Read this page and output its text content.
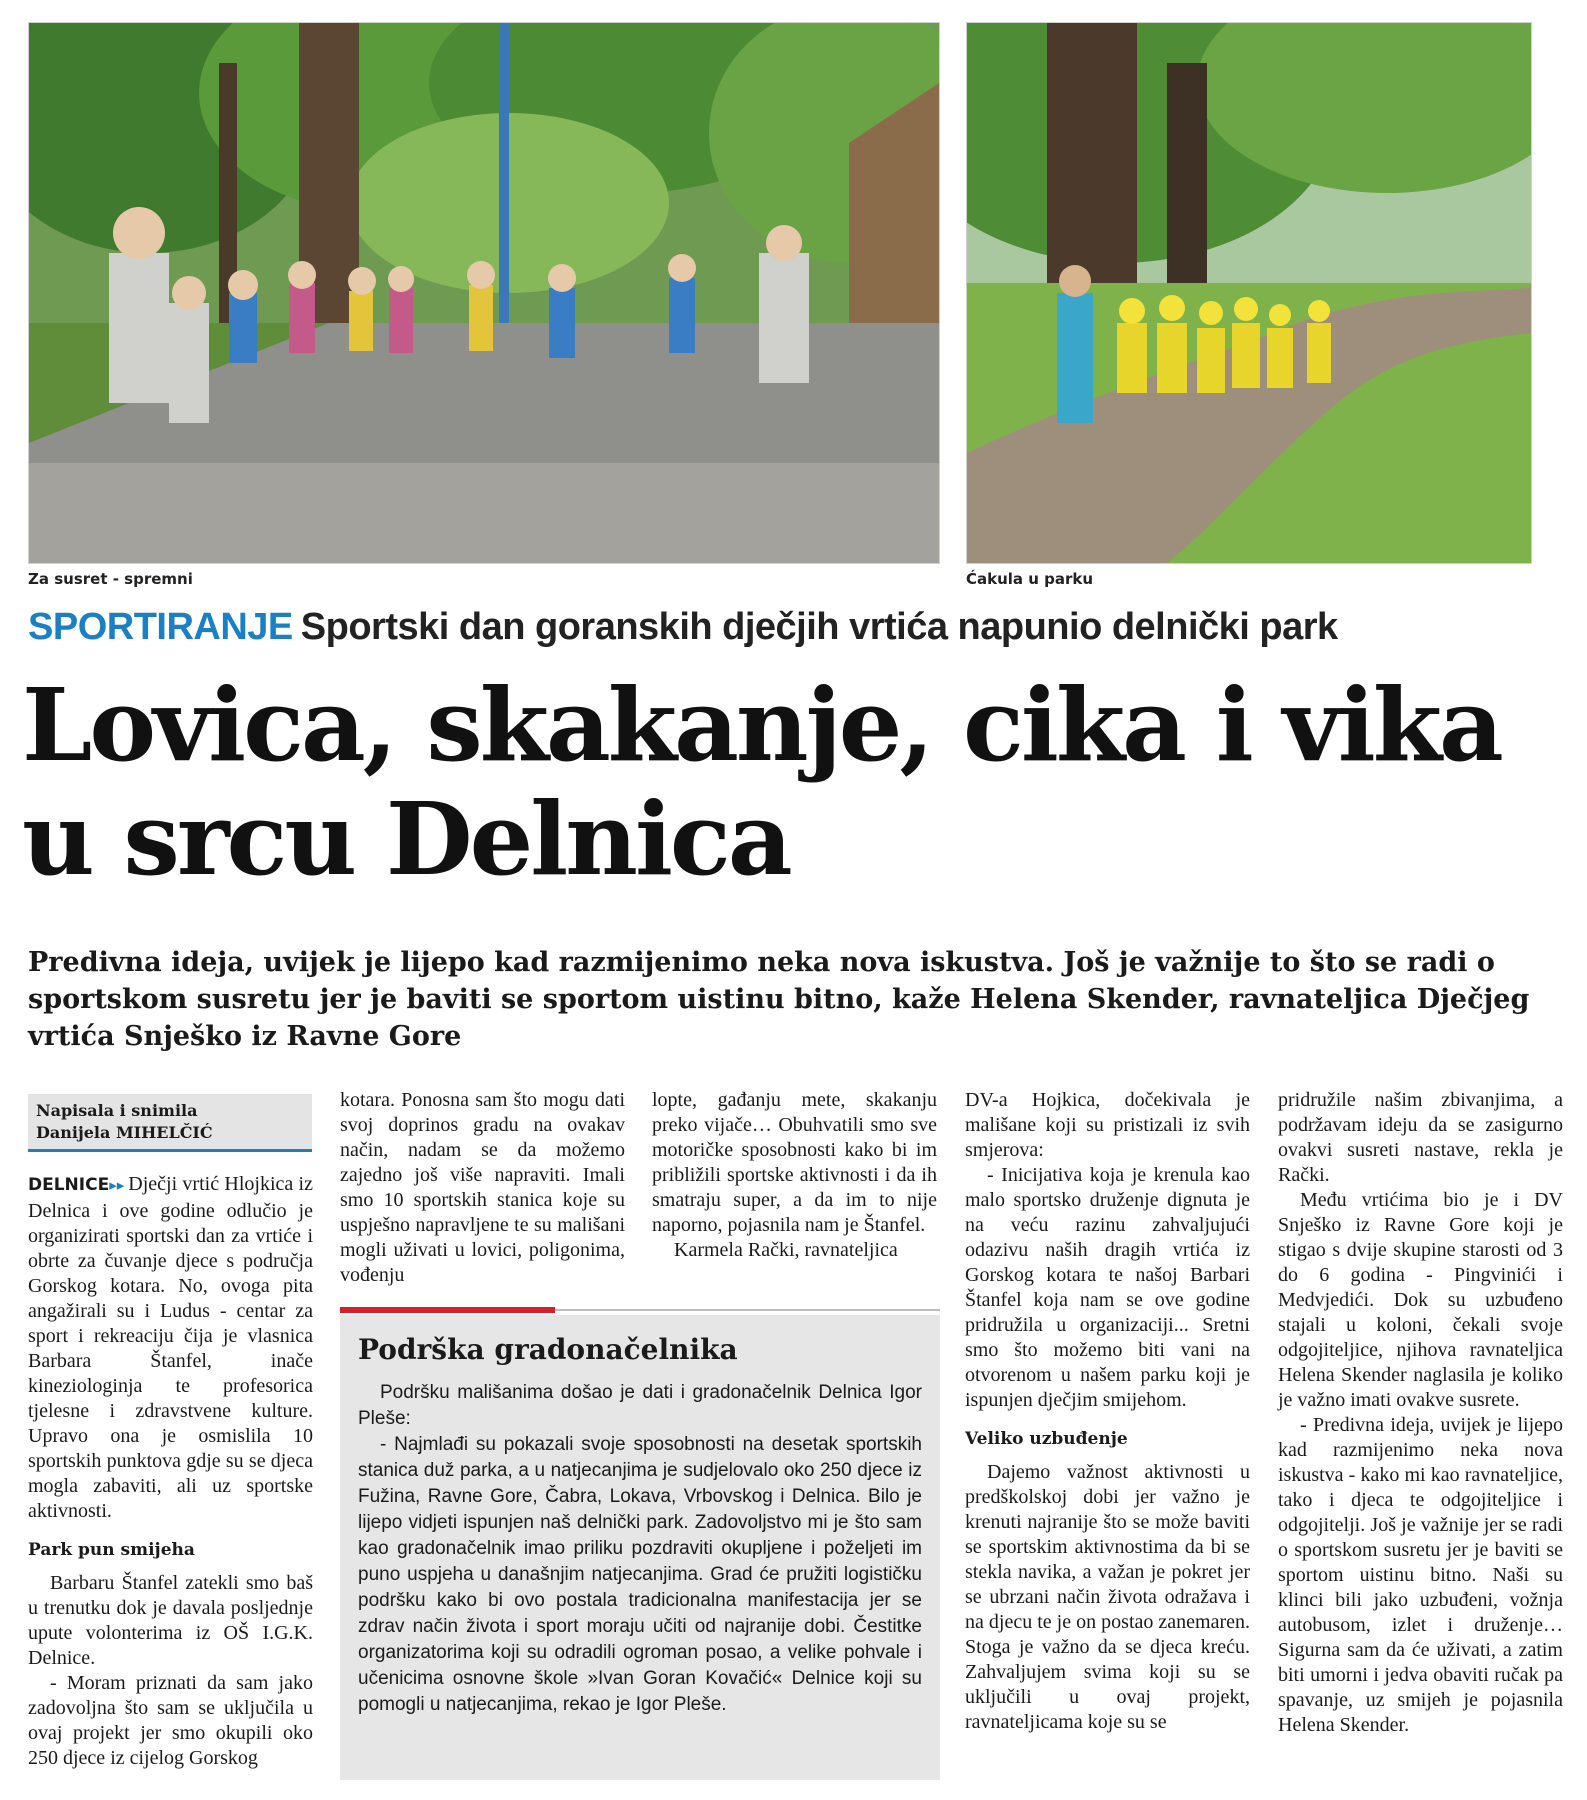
Za susret - spremni	Ćakula u parku
SPORTIRANJE Sportski dan goranskih dječjih vrtića napunio delnički park
Lovica, skakanje, cika i vika u srcu Delnica

Predivna ideja, uvijek je lijepo kad razmijenimo neka nova iskustva. Još je važnije to što se radi o sportskom susretu jer je baviti se sportom uistinu bitno, kaže Helena Skender, ravnateljica Dječjeg vrtića Snješko iz Ravne Gore

Napisala i snimila
Danijela MIHELČIĆ

DELNICE▸▸ Dječji vrtić Hlojkica iz Delnica i ove godine odlučio je organizirati sportski dan za vrtiće i obrte za čuvanje djece s područja Gorskog kotara. No, ovoga pita angažirali su i Ludus - centar za sport i rekreaciju čija je vlasnica Barbara Štanfel, inače kineziologinja te profesorica tjelesne i zdravstvene kulture. Upravo ona je osmislila 10 sportskih punktova gdje su se djeca mogla zabaviti, ali uz sportske aktivnosti.

Park pun smijeha

Barbaru Štanfel zatekli smo baš u trenutku dok je davala posljednje upute volonterima iz OŠ I.G.K. Delnice.

- Moram priznati da sam jako zadovoljna što sam se uključila u ovaj projekt jer smo okupili oko 250 djece iz cijelog Gorskog

kotara. Ponosna sam što mogu dati svoj doprinos gradu na ovakav način, nadam se da možemo zajedno još više napraviti. Imali smo 10 sportskih stanica koje su uspješno napravljene te su mališani mogli uživati u lovici, poligonima, vođenju

lopte, gađanju mete, skakanju preko vijače… Obuhvatili smo sve motoričke sposobnosti kako bi im približili sportske aktivnosti i da ih smatraju super, a da im to nije naporno, pojasnila nam je Štanfel.

Karmela Rački, ravnateljica

DV-a Hojkica, dočekivala je mališane koji su pristizali iz svih smjerova:

- Inicijativa koja je krenula kao malo sportsko druženje dignuta je na veću razinu zahvaljujući odazivu naših dragih vrtića iz Gorskog kotara te našoj Barbari Štanfel koja nam se ove godine pridružila u organizaciji... Sretni smo što možemo biti vani na otvorenom u našem parku koji je ispunjen dječjim smijehom.

Veliko uzbuđenje

Dajemo važnost aktivnosti u predškolskoj dobi jer važno je krenuti najranije što se može baviti se sportskim aktivnostima da bi se stekla navika, a važan je pokret jer se ubrzani način života odražava i na djecu te je on postao zanemaren. Stoga je važno da se djeca kreću. Zahvaljujem svima koji su se uključili u ovaj projekt, ravnateljicama koje su se

pridružile našim zbivanjima, a podržavam ideju da se zasigurno ovakvi susreti nastave, rekla je Rački.

Među vrtićima bio je i DV Snješko iz Ravne Gore koji je stigao s dvije skupine starosti od 3 do 6 godina - Pingvinići i Medvjedići. Dok su uzbuđeno stajali u koloni, čekali svoje odgojiteljice, njihova ravnateljica Helena Skender naglasila je koliko je važno imati ovakve susrete.

- Predivna ideja, uvijek je lijepo kad razmijenimo neka nova iskustva - kako mi kao ravnateljice, tako i djeca te odgojiteljice i odgojitelji. Još je važnije jer se radi o sportskom susretu jer je baviti se sportom uistinu bitno. Naši su klinci bili jako uzbuđeni, vožnja autobusom, izlet i druženje… Sigurna sam da će uživati, a zatim biti umorni i jedva obaviti ručak pa spavanje, uz smijeh je pojasnila Helena Skender.

Podrška gradonačelnika

Podršku mališanima došao je dati i gradonačelnik Delnica Igor Pleše:

- Najmlađi su pokazali svoje sposobnosti na desetak sportskih stanica duž parka, a u natjecanjima je sudjelovalo oko 250 djece iz Fužina, Ravne Gore, Čabra, Lokava, Vrbovskog i Delnica. Bilo je lijepo vidjeti ispunjen naš delnički park. Zadovoljstvo mi je što sam kao gradonačelnik imao priliku pozdraviti okupljene i poželjeti im puno uspjeha u današnjim natjecanjima. Grad će pružiti logističku podršku kako bi ovo postala tradicionalna manifestacija jer se zdrav način života i sport moraju učiti od najranije dobi. Čestitke organizatorima koji su odradili ogroman posao, a velike pohvale i učenicima osnovne škole »Ivan Goran Kovačić« Delnice koji su pomogli u natjecanjima, rekao je Igor Pleše.
